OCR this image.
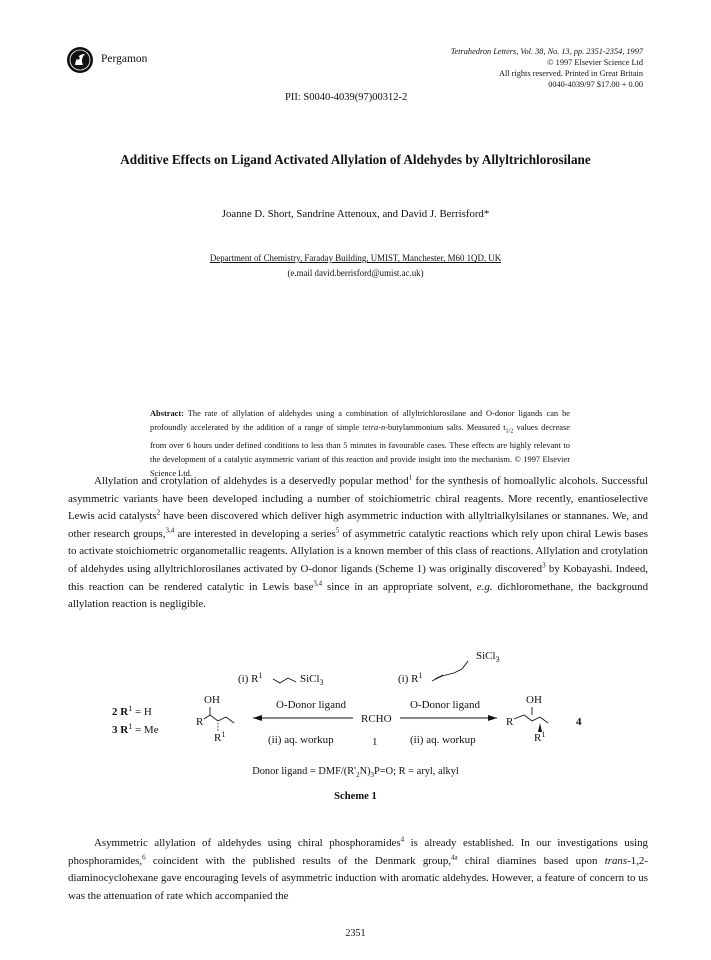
Pergamon
Tetrahedron Letters, Vol. 38, No. 13, pp. 2351-2354, 1997
© 1997 Elsevier Science Ltd
All rights reserved. Printed in Great Britain
0040-4039/97 $17.00 + 0.00
PII: S0040-4039(97)00312-2
Additive Effects on Ligand Activated Allylation of Aldehydes by Allyltrichlorosilane
Joanne D. Short, Sandrine Attenoux, and David J. Berrisford*
Department of Chemistry, Faraday Building, UMIST, Manchester, M60 1QD, UK
(e.mail david.berrisford@umist.ac.uk)
Abstract: The rate of allylation of aldehydes using a combination of allyltrichlorosilane and O-donor ligands can be profoundly accelerated by the addition of a range of simple tetra-n-butylammonium salts. Measured $t_{1/2}$ values decrease from over 6 hours under defined conditions to less than 5 minutes in favourable cases. These effects are highly relevant to the development of a catalytic asymmetric variant of this reaction and provide insight into the mechanism. © 1997 Elsevier Science Ltd.
Allylation and crotylation of aldehydes is a deservedly popular method$^1$ for the synthesis of homoallylic alcohols. Successful asymmetric variants have been developed including a number of stoichiometric chiral reagents. More recently, enantioselective Lewis acid catalysts$^2$ have been discovered which deliver high asymmetric induction with allyltrialkylsilanes or stannanes. We, and other research groups,$^{3,4}$ are interested in developing a series$^5$ of asymmetric catalytic reactions which rely upon chiral Lewis bases to activate stoichiometric organometallic reagents. Allylation is a known member of this class of reactions. Allylation and crotylation of aldehydes using allyltrichlorosilanes activated by O-donor ligands (Scheme 1) was originally discovered$^3$ by Kobayashi. Indeed, this reaction can be rendered catalytic in Lewis base$^{3,4}$ since in an appropriate solvent, e.g. dichloromethane, the background allylation reaction is negligible.
SiCl$_3$
(i) $R^1$	SiCl$_3$	(i) $R^1$
O-Donor ligand	O-Donor ligand
RCHO
1
(ii) aq. workup	(ii) aq. workup
OH
R
$R^1$
2 $R^1 = H$
3 $R^1 = Me$
OH
R
$R^1$
4
Donor ligand = DMF/$(R'_2N)_3P=O$; R = aryl, alkyl
Scheme 1
Asymmetric allylation of aldehydes using chiral phosphoramides$^4$ is already established. In our investigations using phosphoramides,$^6$ coincident with the published results of the Denmark group,$^{4a}$ chiral diamines based upon trans-1,2-diaminocyclohexane gave encouraging levels of asymmetric induction with aromatic aldehydes. However, a feature of concern to us was the attenuation of rate which accompanied the
2351
